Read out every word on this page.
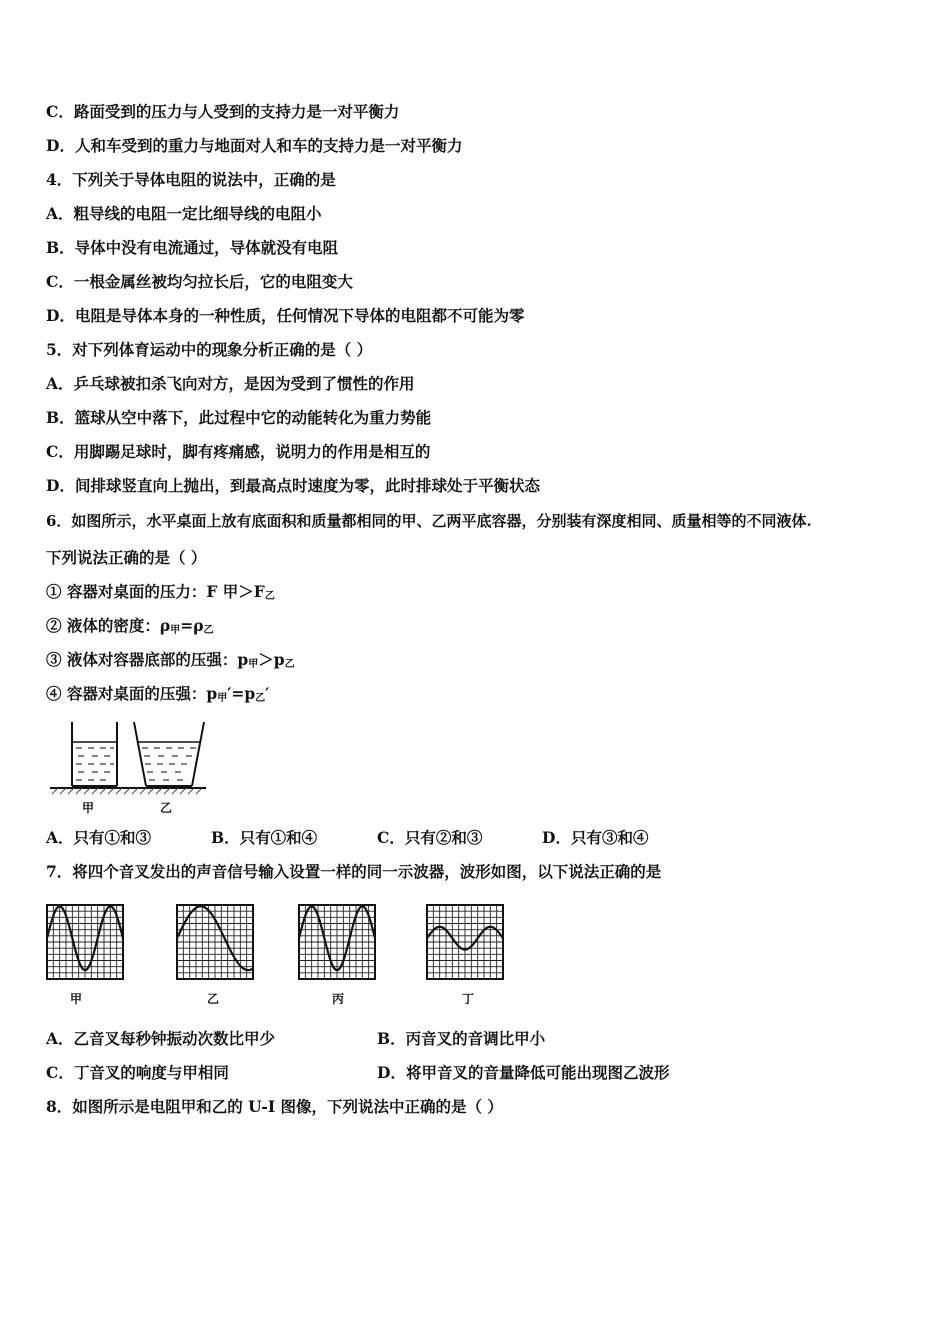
C．路面受到的压力与人受到的支持力是一对平衡力
D．人和车受到的重力与地面对人和车的支持力是一对平衡力
4．下列关于导体电阻的说法中，正确的是
A．粗导线的电阻一定比细导线的电阻小
B．导体中没有电流通过，导体就没有电阻
C．一根金属丝被均匀拉长后，它的电阻变大
D．电阻是导体本身的一种性质，任何情况下导体的电阻都不可能为零
5．对下列体育运动中的现象分析正确的是（ ）
A．乒乓球被扣杀飞向对方，是因为受到了惯性的作用
B．篮球从空中落下，此过程中它的动能转化为重力势能
C．用脚踢足球时，脚有疼痛感，说明力的作用是相互的
D．间排球竖直向上抛出，到最高点时速度为零，此时排球处于平衡状态
6．如图所示，水平桌面上放有底面积和质量都相同的甲、乙两平底容器，分别装有深度相同、质量相等的不同液体.
下列说法正确的是（ ）
① 容器对桌面的压力：F 甲$>F_乙$
② 液体的密度：$\rho_甲=\rho_乙$
③ 液体对容器底部的压强：$p_甲>p_乙$
④ 容器对桌面的压强：$p_甲'=p_乙'$
甲	乙
A．只有①和③	B．只有①和④	C．只有②和③	D．只有③和④
7．将四个音叉发出的声音信号输入设置一样的同一示波器，波形如图，以下说法正确的是
甲	乙	丙	丁
A．乙音叉每秒钟振动次数比甲少	B．丙音叉的音调比甲小
C．丁音叉的响度与甲相同	D．将甲音叉的音量降低可能出现图乙波形
8．如图所示是电阻甲和乙的 U-I 图像，下列说法中正确的是（ ）
